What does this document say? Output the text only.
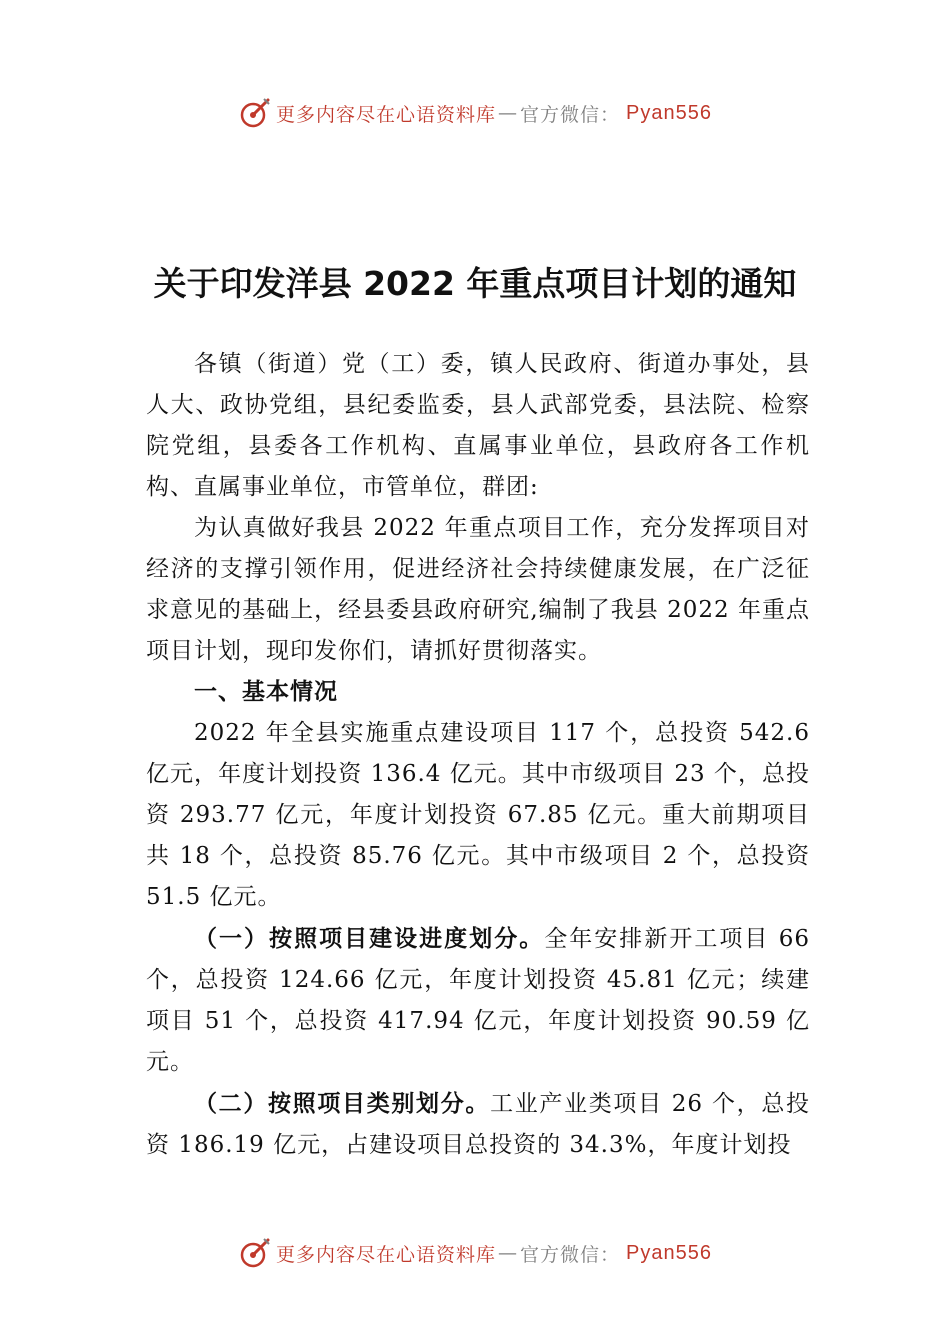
更多内容尽在心语资料库 — 官方微信： Pyan556
关于印发洋县 2022 年重点项目计划的通知

各镇（街道）党（工）委，镇人民政府、街道办事处，县人大、政协党组，县纪委监委，县人武部党委，县法院、检察院党组，县委各工作机构、直属事业单位，县政府各工作机构、直属事业单位，市管单位，群团:

为认真做好我县 2022 年重点项目工作，充分发挥项目对经济的支撑引领作用，促进经济社会持续健康发展，在广泛征求意见的基础上，经县委县政府研究,编制了我县 2022 年重点项目计划，现印发你们，请抓好贯彻落实。

一、基本情况

2022 年全县实施重点建设项目 117 个，总投资 542.6 亿元，年度计划投资 136.4 亿元。其中市级项目 23 个，总投资 293.77 亿元，年度计划投资 67.85 亿元。重大前期项目共 18 个，总投资 85.76 亿元。其中市级项目 2 个，总投资 51.5 亿元。

（一）按照项目建设进度划分。全年安排新开工项目 66 个，总投资 124.66 亿元，年度计划投资 45.81 亿元；续建项目 51 个，总投资 417.94 亿元，年度计划投资 90.59 亿元。

（二）按照项目类别划分。工业产业类项目 26 个，总投资 186.19 亿元，占建设项目总投资的 34.3%，年度计划投

更多内容尽在心语资料库 — 官方微信： Pyan556
